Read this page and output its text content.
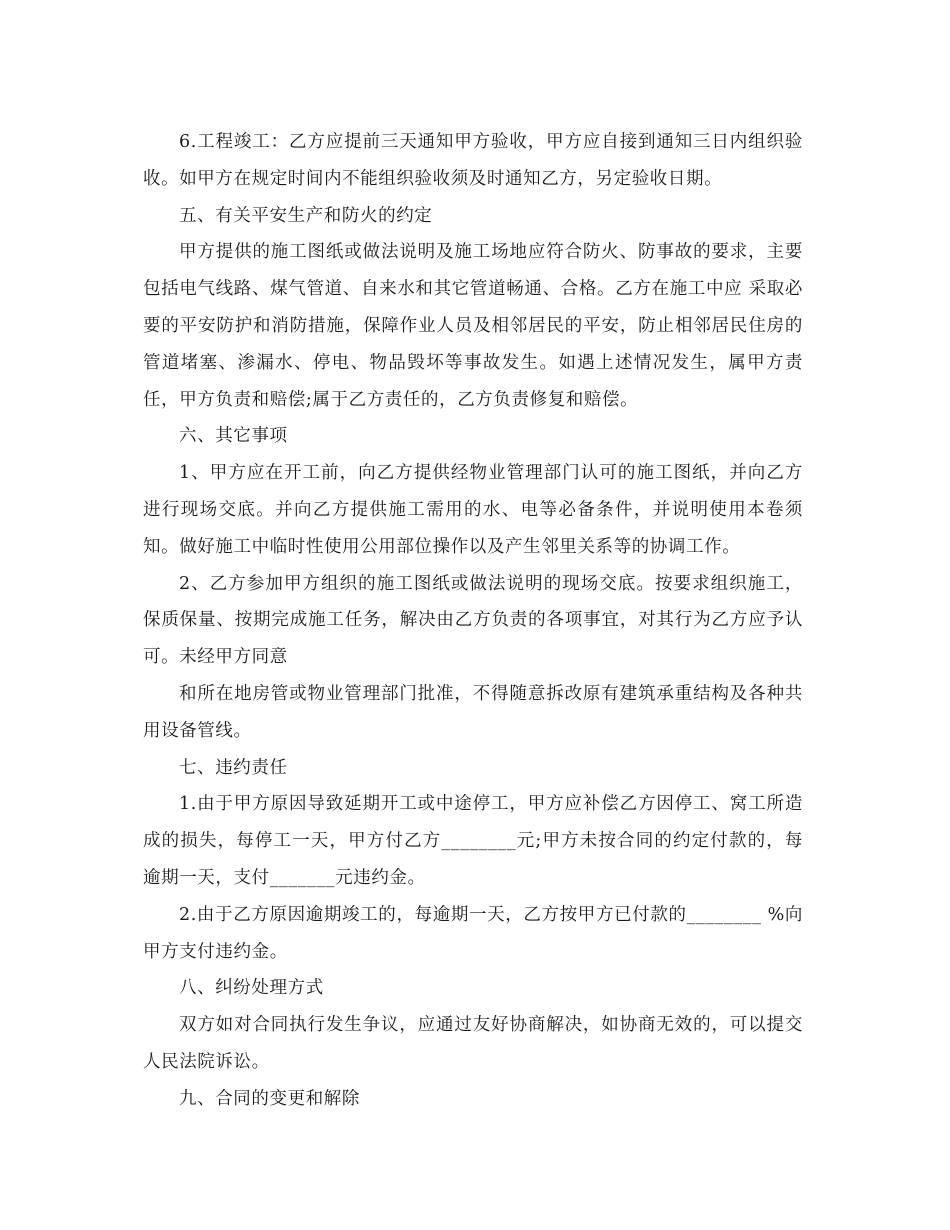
6.工程竣工：乙方应提前三天通知甲方验收，甲方应自接到通知三日内组织验收。如甲方在规定时间内不能组织验收须及时通知乙方，另定验收日期。

五、有关平安生产和防火的约定

甲方提供的施工图纸或做法说明及施工场地应符合防火、防事故的要求，主要包括电气线路、煤气管道、自来水和其它管道畅通、合格。乙方在施工中应 采取必要的平安防护和消防措施，保障作业人员及相邻居民的平安，防止相邻居民住房的管道堵塞、渗漏水、停电、物品毁坏等事故发生。如遇上述情况发生，属甲方责任，甲方负责和赔偿;属于乙方责任的，乙方负责修复和赔偿。

六、其它事项

1、甲方应在开工前，向乙方提供经物业管理部门认可的施工图纸，并向乙方进行现场交底。并向乙方提供施工需用的水、电等必备条件，并说明使用本卷须知。做好施工中临时性使用公用部位操作以及产生邻里关系等的协调工作。

2、乙方参加甲方组织的施工图纸或做法说明的现场交底。按要求组织施工，保质保量、按期完成施工任务，解决由乙方负责的各项事宜，对其行为乙方应予认可。未经甲方同意

和所在地房管或物业管理部门批准，不得随意拆改原有建筑承重结构及各种共用设备管线。

七、违约责任

1.由于甲方原因导致延期开工或中途停工，甲方应补偿乙方因停工、窝工所造成的损失，每停工一天，甲方付乙方________元;甲方未按合同的约定付款的，每逾期一天，支付_______元违约金。

2.由于乙方原因逾期竣工的，每逾期一天，乙方按甲方已付款的________ %向甲方支付违约金。

八、纠纷处理方式

双方如对合同执行发生争议，应通过友好协商解决，如协商无效的，可以提交人民法院诉讼。

九、合同的变更和解除
